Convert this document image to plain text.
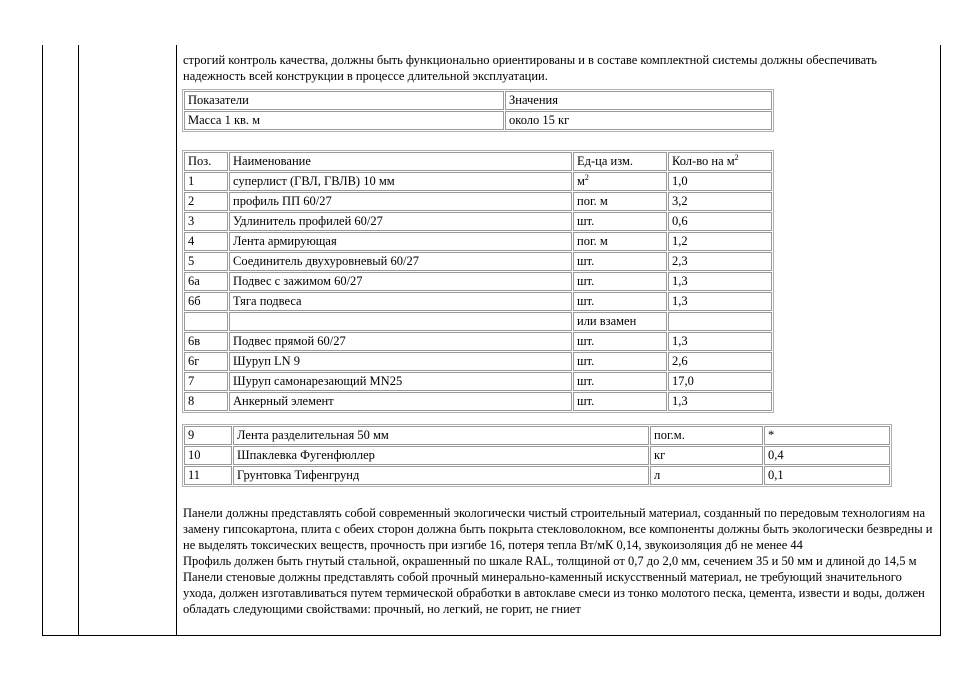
строгий контроль качества, должны быть функционально ориентированы и в составе комплектной системы должны обеспечивать надежность всей конструкции в процессе длительной эксплуатации.

Показатели	Значения
Масса 1 кв. м	около 15 кг
Поз.	Наименование	Ед-ца изм.	Кол-во на $м^2$
1	суперлист (ГВЛ, ГВЛВ) 10 мм	$м^2$	1,0
2	профиль ПП 60/27	пог. м	3,2
3	Удлинитель профилей 60/27	шт.	0,6
4	Лента армирующая	пог. м	1,2
5	Соединитель двухуровневый 60/27	шт.	2,3
6а	Подвес с зажимом 60/27	шт.	1,3
6б	Тяга подвеса	шт.	1,3
		или взамен	
6в	Подвес прямой 60/27	шт.	1,3
6г	Шуруп LN 9	шт.	2,6
7	Шуруп самонарезающий MN25	шт.	17,0
8	Анкерный элемент	шт.	1,3
9	Лента разделительная 50 мм	пог.м.	*
10	Шпаклевка Фугенфюллер	кг	0,4
11	Грунтовка Тифенгрунд	л	0,1
Панели должны представлять собой современный экологически чистый строительный материал, созданный по передовым технологиям на замену гипсокартона, плита с обеих сторон должна быть покрыта стекловолокном, все компоненты должны быть экологически безвредны и не выделять токсических веществ, прочность при изгибе 16, потеря тепла Вт/мК 0,14, звукоизоляция дб не менее 44
Профиль должен быть гнутый стальной, окрашенный по шкале RAL, толщиной от 0,7 до 2,0 мм, сечением 35 и 50 мм и длиной до 14,5 м Панели стеновые должны представлять собой прочный минерально-каменный искусственный материал, не требующий значительного ухода, должен изготавливаться путем термической обработки в автоклаве смеси из тонко молотого песка, цемента, извести и воды, должен обладать следующими свойствами: прочный, но легкий, не горит, не гниет
